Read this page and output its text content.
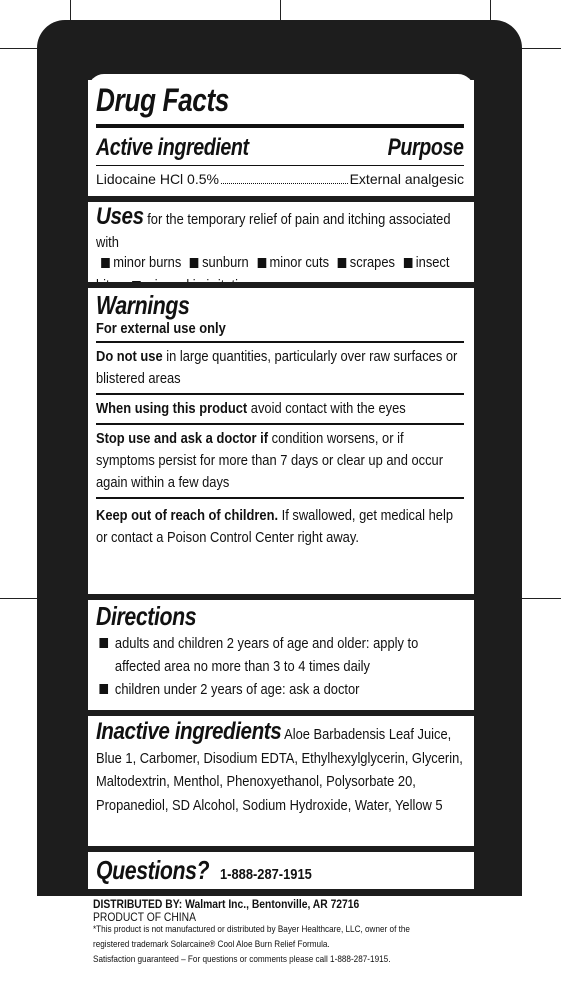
Drug Facts
Active ingredient	Purpose
Lidocaine HCl 0.5%	External analgesic
Uses for the temporary relief of pain and itching associated with
minor burns sunburn minor cuts scrapes insect
Warnings
For external use only
Do not use in large quantities, particularly over raw surfaces or blistered areas
When using this product avoid contact with the eyes
Stop use and ask a doctor if condition worsens, or if symptoms persist for more than 7 days or clear up and occur again within a few days
Keep out of reach of children. If swallowed, get medical help or contact a Poison Control Center right away.
Directions
adults and children 2 years of age and older: apply to affected area no more than 3 to 4 times daily
children under 2 years of age: ask a doctor
Inactive ingredients Aloe Barbadensis Leaf Juice, Blue 1, Carbomer, Disodium EDTA, Ethylhexylglycerin, Glycerin, Maltodextrin, Menthol, Phenoxyethanol, Polysorbate 20, Propanediol, SD Alcohol, Sodium Hydroxide, Water, Yellow 5
Questions? 1-888-287-1915
DISTRIBUTED BY: Walmart Inc., Bentonville, AR 72716
PRODUCT OF CHINA
*This product is not manufactured or distributed by Bayer Healthcare, LLC, owner of the
registered trademark Solarcaine® Cool Aloe Burn Relief Formula.
Satisfaction guaranteed – For questions or comments please call 1-888-287-1915.
